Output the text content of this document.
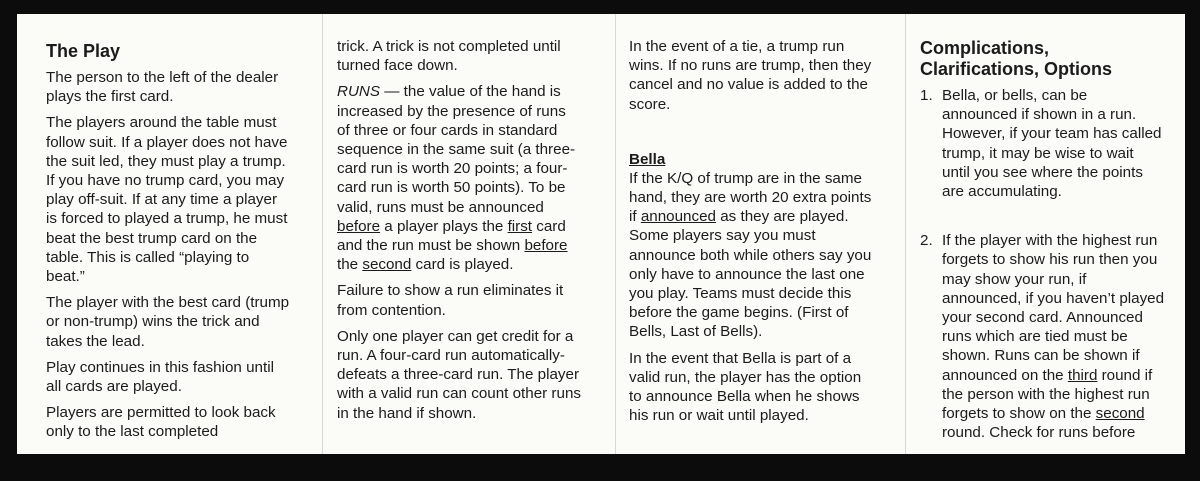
The Play

The person to the left of the dealer plays the first card.

The players around the table must follow suit. If a player does not have the suit led, they must play a trump. If you have no trump card, you may play off-suit. If at any time a player is forced to played a trump, he must beat the best trump card on the table. This is called “playing to beat.”

The player with the best card (trump or non-trump) wins the trick and takes the lead.

Play continues in this fashion until all cards are played.

Players are permitted to look back only to the last completed

trick. A trick is not completed until turned face down.

RUNS — the value of the hand is increased by the presence of runs of three or four cards in standard sequence in the same suit (a three-card run is worth 20 points; a four-card run is worth 50 points). To be valid, runs must be announced before a player plays the first card and the run must be shown before the second card is played.

Failure to show a run eliminates it from contention.

Only one player can get credit for a run. A four-card run automatically-defeats a three-card run. The player with a valid run can count other runs in the hand if shown.

In the event of a tie, a trump run wins. If no runs are trump, then they cancel and no value is added to the score.

Bella

If the K/Q of trump are in the same hand, they are worth 20 extra points if announced as they are played. Some players say you must announce both while others say you only have to announce the last one you play. Teams must decide this before the game begins. (First of Bells, Last of Bells).

In the event that Bella is part of a valid run, the player has the option to announce Bella when he shows his run or wait until played.

Complications, Clarifications, Options
1. Bella, or bells, can be announced if shown in a run. However, if your team has called trump, it may be wise to wait until you see where the points are accumulating.
2. If the player with the highest run forgets to show his run then you may show your run, if announced, if you haven’t played your second card. Announced runs which are tied must be shown. Runs can be shown if announced on the third round if the person with the highest run forgets to show on the second round. Check for runs before
